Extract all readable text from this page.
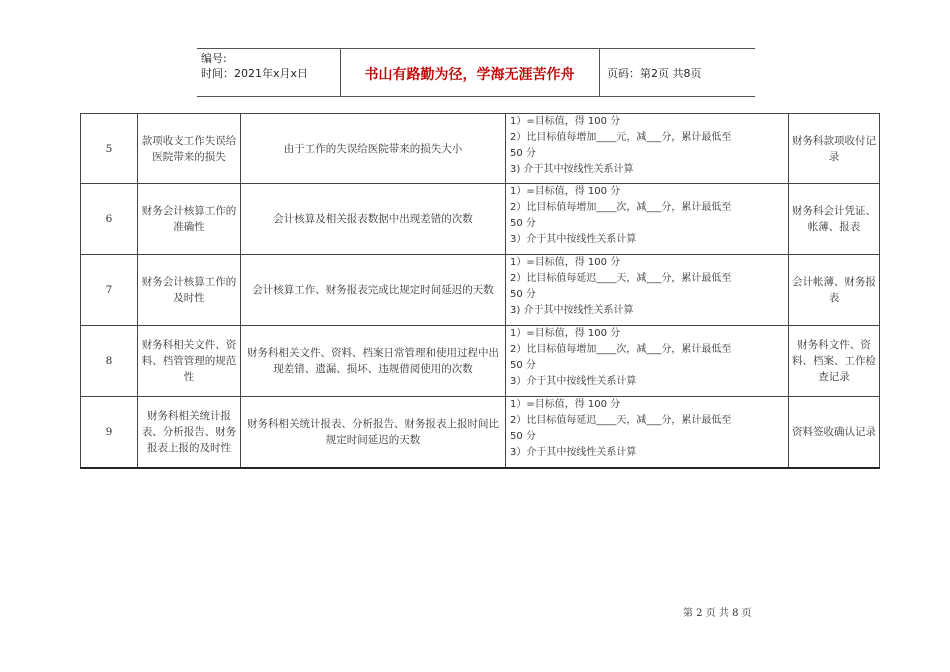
编号:
时间：2021年x月x日	书山有路勤为径，学海无涯苦作舟	页码：第2页 共8页
5	款项收支工作失误给医院带来的损失	由于工作的失误给医院带来的损失大小	1）=目标值，得 100 分
2）比目标值每增加____元，减___分，累计最低至
50 分
3) 介于其中按线性关系计算	财务科款项收付记录
6	财务会计核算工作的准确性	会计核算及相关报表数据中出现差错的次数	1）=目标值，得 100 分
2）比目标值每增加____次，减___分，累计最低至
50 分
3）介于其中按线性关系计算	财务科会计凭证、帐薄、报表
7	财务会计核算工作的及时性	会计核算工作、财务报表完成比规定时间延迟的天数	1）=目标值，得 100 分
2）比目标值每延迟____天，减___分，累计最低至
50 分
3) 介于其中按线性关系计算	会计帐薄、财务报表
8	财务科相关文件、资料、档管管理的规范性	财务科相关文件、资料、档案日常管理和使用过程中出现差错、遗漏、损坏、违规借阅使用的次数	1）=目标值，得 100 分
2）比目标值每增加____次，减___分，累计最低至
50 分
3）介于其中按线性关系计算	财务科文件、资料、档案、工作检查记录
9	财务科相关统计报表、分析报告、财务报表上报的及时性	财务科相关统计报表、分析报告、财务报表上报时间比规定时间延迟的天数	1）=目标值，得 100 分
2）比目标值每延迟____天，减___分，累计最低至
50 分
3）介于其中按线性关系计算	资料签收确认记录
第 2 页 共 8 页
